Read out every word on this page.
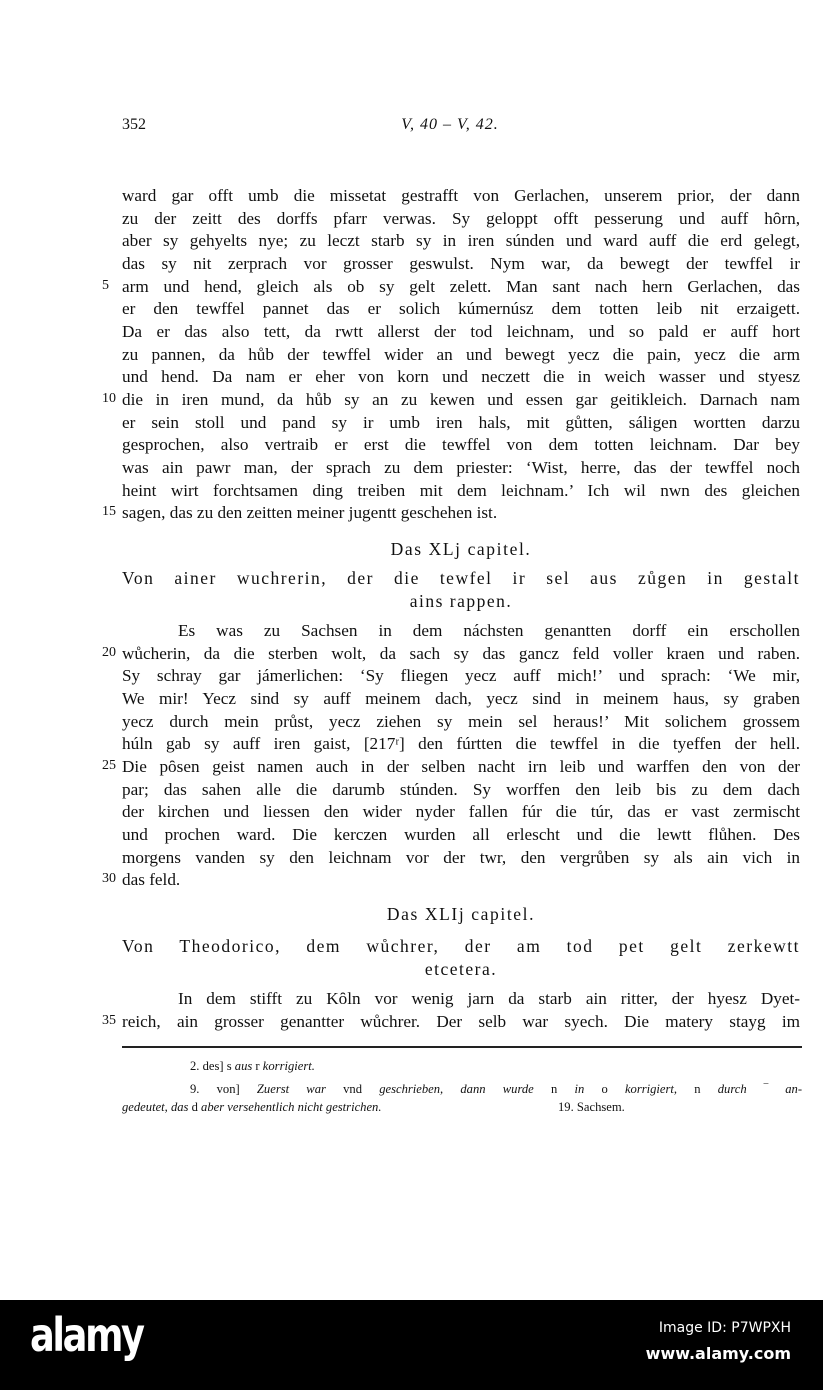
352	V, 40 – V, 42.
ward gar offt umb die missetat gestrafft von Gerlachen, unserem prior, der dann
zu der zeitt des dorffs pfarr verwas. Sy geloppt offt pesserung und auff hȏrn,
aber sy gehyelts nye; zu leczt starb sy in iren súnden und ward auff die erd gelegt,
das sy nit zerprach vor grosser geswulst. Nym war, da bewegt der tewffel ir
5 arm und hend, gleich als ob sy gelt zelett. Man sant nach hern Gerlachen, das
er den tewffel pannet das er solich kúmernúsz dem totten leib nit erzaigett.
Da er das also tett, da rwtt allerst der tod leichnam, und so pald er auff hort
zu pannen, da hůb der tewffel wider an und bewegt yecz die pain, yecz die arm
und hend. Da nam er eher von korn und neczett die in weich wasser und styesz
10 die in iren mund, da hůb sy an zu kewen und essen gar geitikleich. Darnach nam
er sein stoll und pand sy ir umb iren hals, mit gůtten, sáligen wortten darzu
gesprochen, also vertraib er erst die tewffel von dem totten leichnam. Dar bey
was ain pawr man, der sprach zu dem priester: ‘Wist, herre, das der tewffel noch
heint wirt forchtsamen ding treiben mit dem leichnam.’ Ich wil nwn des gleichen
15 sagen, das zu den zeitten meiner jugentt geschehen ist.
Das XLj capitel.
Von ainer wuchrerin, der die tewfel ir sel aus zůgen in gestalt
ains rappen.
Es was zu Sachsen in dem náchsten genantten dorff ein erschollen
20 wůcherin, da die sterben wolt, da sach sy das gancz feld voller kraen und raben.
Sy schray gar jámerlichen: ‘Sy fliegen yecz auff mich!’ und sprach: ‘We mir,
We mir! Yecz sind sy auff meinem dach, yecz sind in meinem haus, sy graben
yecz durch mein průst, yecz ziehen sy mein sel heraus!’ Mit solichem grossem
húln gab sy auff iren gaist, [217ʳ] den fúrtten die tewffel in die tyeffen der hell.
25 Die pȏsen geist namen auch in der selben nacht irn leib und warffen den von der
par; das sahen alle die darumb stúnden. Sy worffen den leib bis zu dem dach
der kirchen und liessen den wider nyder fallen fúr die túr, das er vast zermischt
und prochen ward. Die kerczen wurden all erlescht und die lewtt flůhen. Des
morgens vanden sy den leichnam vor der twr, den vergrůben sy als ain vich in
30 das feld.
Das XLIj capitel.
Von Theodorico, dem wůchrer, der am tod pet gelt zerkewtt
etcetera.
In dem stifft zu Kȏln vor wenig jarn da starb ain ritter, der hyesz Dyet-
35 reich, ain grosser genantter wůchrer. Der selb war syech. Die matery stayg im
2. des] s aus r korrigiert.
9. von] Zuerst war vnd geschrieben, dann wurde n in o korrigiert, n durch ‾ an-
gedeutet, das d aber versehentlich nicht gestrichen.	19. Sachsem.
alamy	Image ID: P7WPXH
www.alamy.com
